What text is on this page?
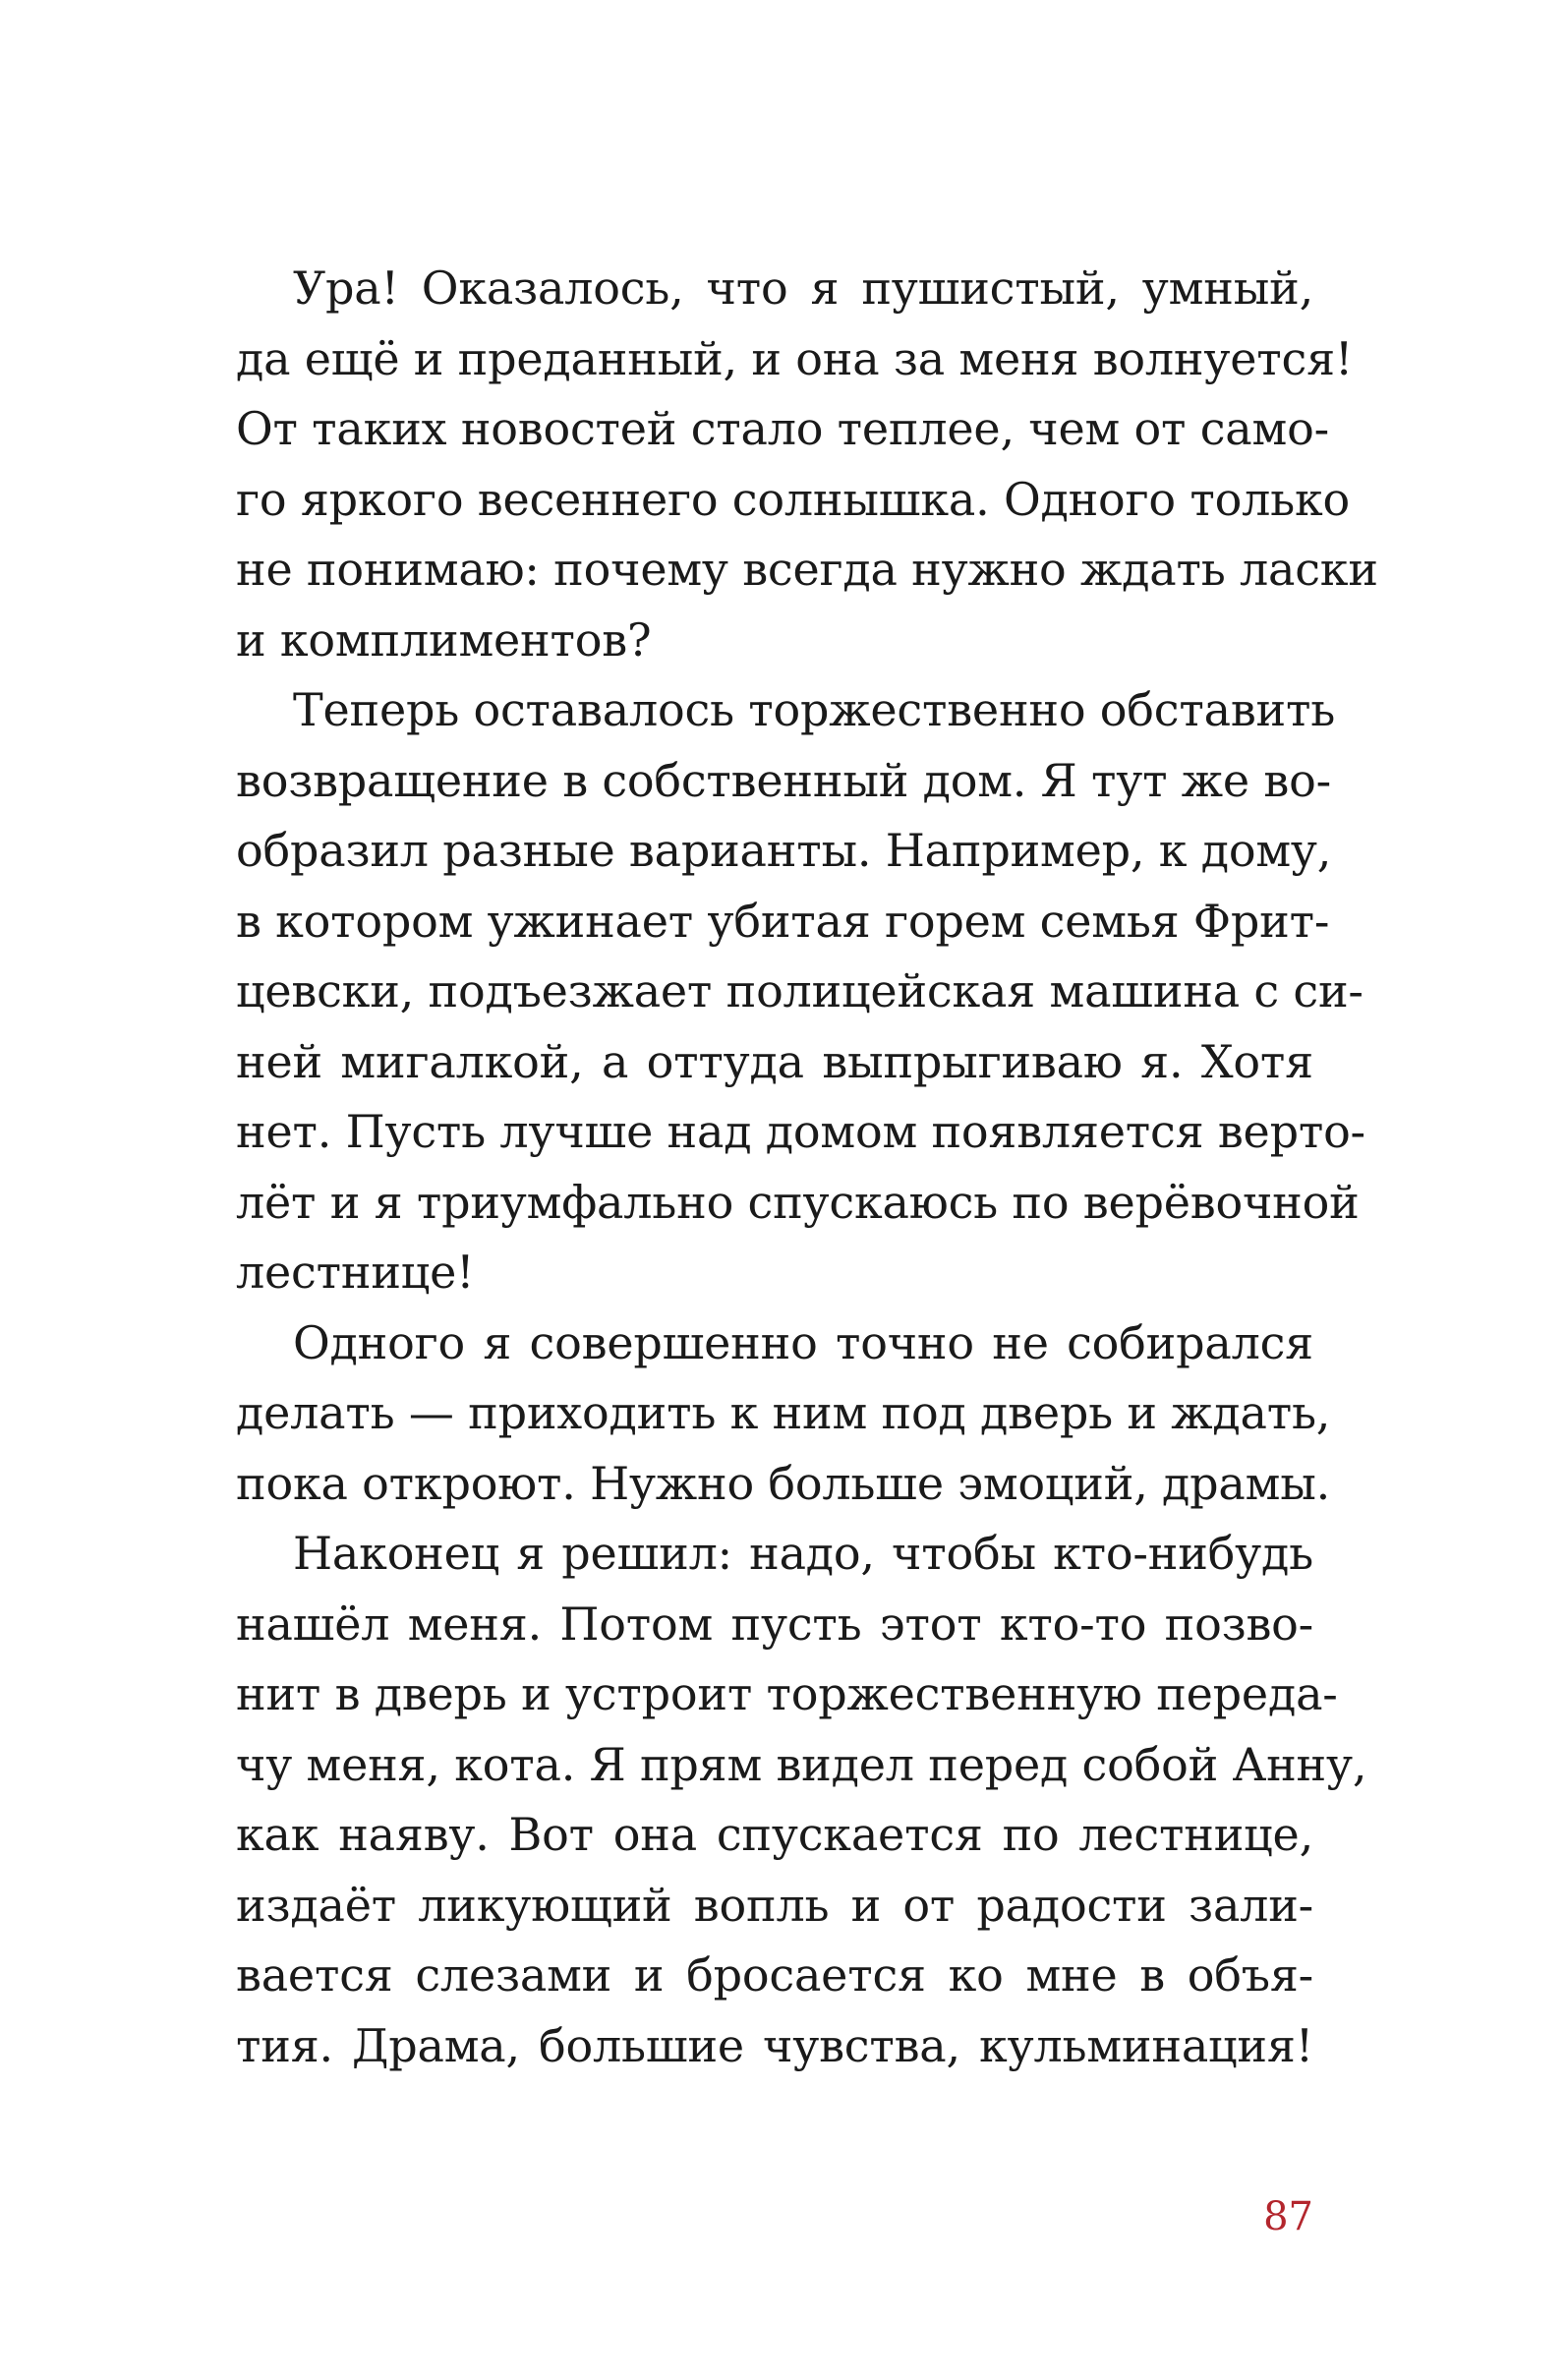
Ура! Оказалось, что я пушистый, умный,
да ещё и преданный, и она за меня волнуется!
От таких новостей стало теплее, чем от само-
го яркого весеннего солнышка. Одного только
не понимаю: почему всегда нужно ждать ласки
и комплиментов?
Теперь оставалось торжественно обставить
возвращение в собственный дом. Я тут же во-
образил разные варианты. Например, к дому,
в котором ужинает убитая горем семья Фрит-
цевски, подъезжает полицейская машина с си-
ней мигалкой, а оттуда выпрыгиваю я. Хотя
нет. Пусть лучше над домом появляется верто-
лёт и я триумфально спускаюсь по верёвочной
лестнице!
Одного я совершенно точно не собирался
делать — приходить к ним под дверь и ждать,
пока откроют. Нужно больше эмоций, драмы.
Наконец я решил: надо, чтобы кто-нибудь
нашёл меня. Потом пусть этот кто-то позво-
нит в дверь и устроит торжественную переда-
чу меня, кота. Я прям видел перед собой Анну,
как наяву. Вот она спускается по лестнице,
издаёт ликующий вопль и от радости зали-
вается слезами и бросается ко мне в объя-
тия. Драма, большие чувства, кульминация!
87
